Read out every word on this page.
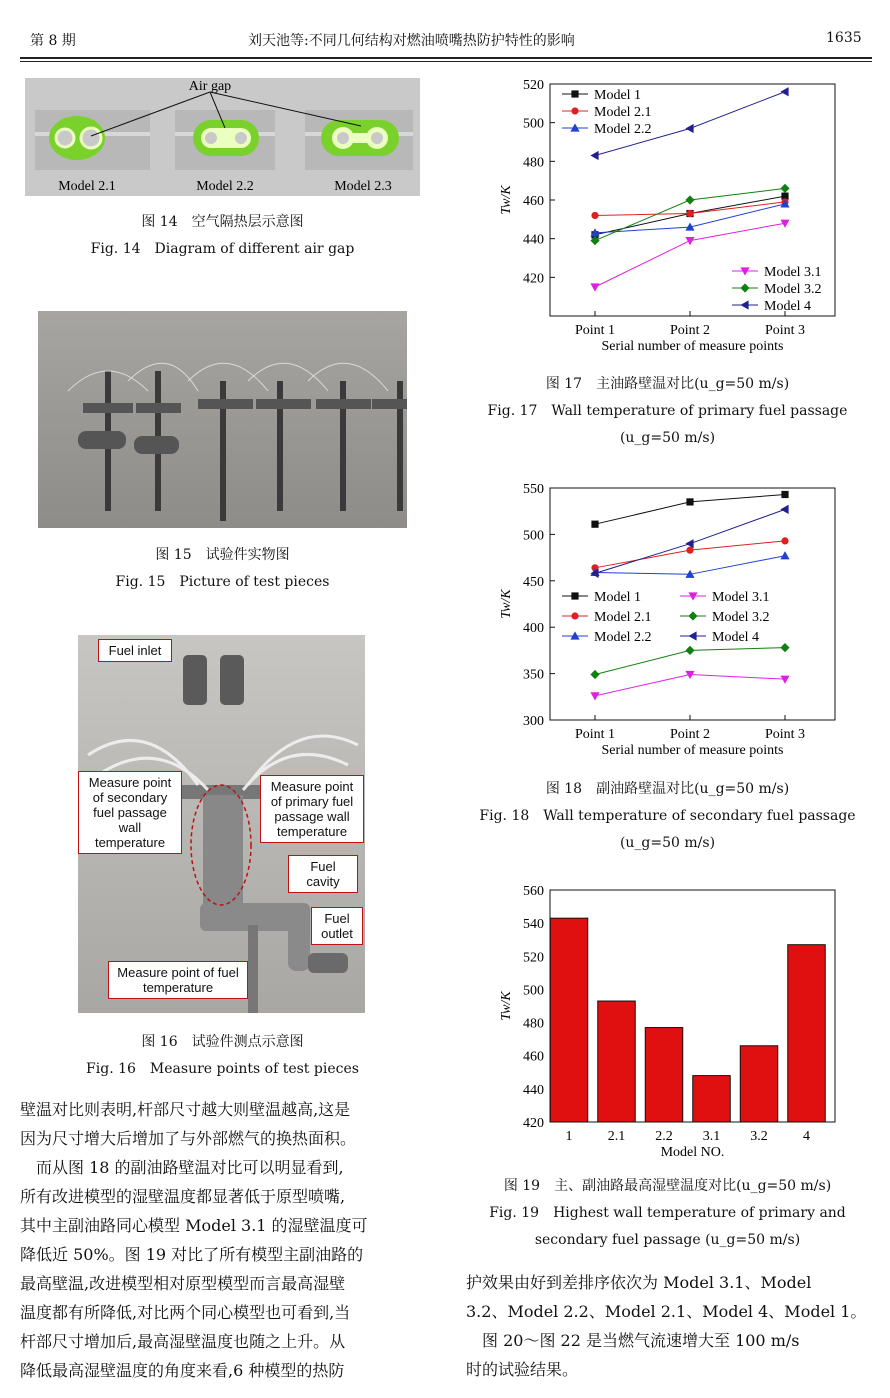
第 8 期	刘天池等:不同几何结构对燃油喷嘴热防护特性的影响	1635
Air gap
Model 2.1	Model 2.2	Model 2.3
图 14　空气隔热层示意图
Fig. 14　Diagram of different air gap
图 15　试验件实物图
Fig. 15　Picture of test pieces
Fuel inlet
Measure point of secondary fuel passage wall temperature
Measure point of primary fuel passage wall temperature
Fuel cavity
Fuel outlet
Measure point of fuel temperature
图 16　试验件测点示意图
Fig. 16　Measure points of test pieces
壁温对比则表明,杆部尺寸越大则壁温越高,这是
因为尺寸增大后增加了与外部燃气的换热面积。
　而从图 18 的副油路壁温对比可以明显看到,
所有改进模型的湿壁温度都显著低于原型喷嘴,
其中主副油路同心模型 Model 3.1 的湿壁温度可
降低近 50%。图 19 对比了所有模型主副油路的
最高壁温,改进模型相对原型模型而言最高湿壁
温度都有所降低,对比两个同心模型也可看到,当
杆部尺寸增加后,最高湿壁温度也随之上升。从
降低最高湿壁温度的角度来看,6 种模型的热防
420
440
460
480
500
520
Point 1	Point 2	Point 3
Serial number of measure points
Tw/K
Model 1
Model 2.1
Model 2.2
Model 3.1
Model 3.2
Model 4
图 17　主油路壁温对比(u_g=50 m/s)
Fig. 17　Wall temperature of primary fuel passage
(u_g=50 m/s)
300
350
400
450
500
550
Point 1	Point 2	Point 3
Serial number of measure points
Tw/K	Model 1
Model 2.1
Model 2.2
Model 3.1
Model 3.2
Model 4
图 18　副油路壁温对比(u_g=50 m/s)
Fig. 18　Wall temperature of secondary fuel passage
(u_g=50 m/s)
420
440
460
480
500
520
540
560
1	2.1 2.2 3.1 3.2	4
Model NO.
Tw/K
图 19　主、副油路最高湿壁温度对比(u_g=50 m/s)
Fig. 19　Highest wall temperature of primary and
secondary fuel passage (u_g=50 m/s)
护效果由好到差排序依次为 Model 3.1、Model
3.2、Model 2.2、Model 2.1、Model 4、Model 1。
　图 20～图 22 是当燃气流速增大至 100 m/s
时的试验结果。
